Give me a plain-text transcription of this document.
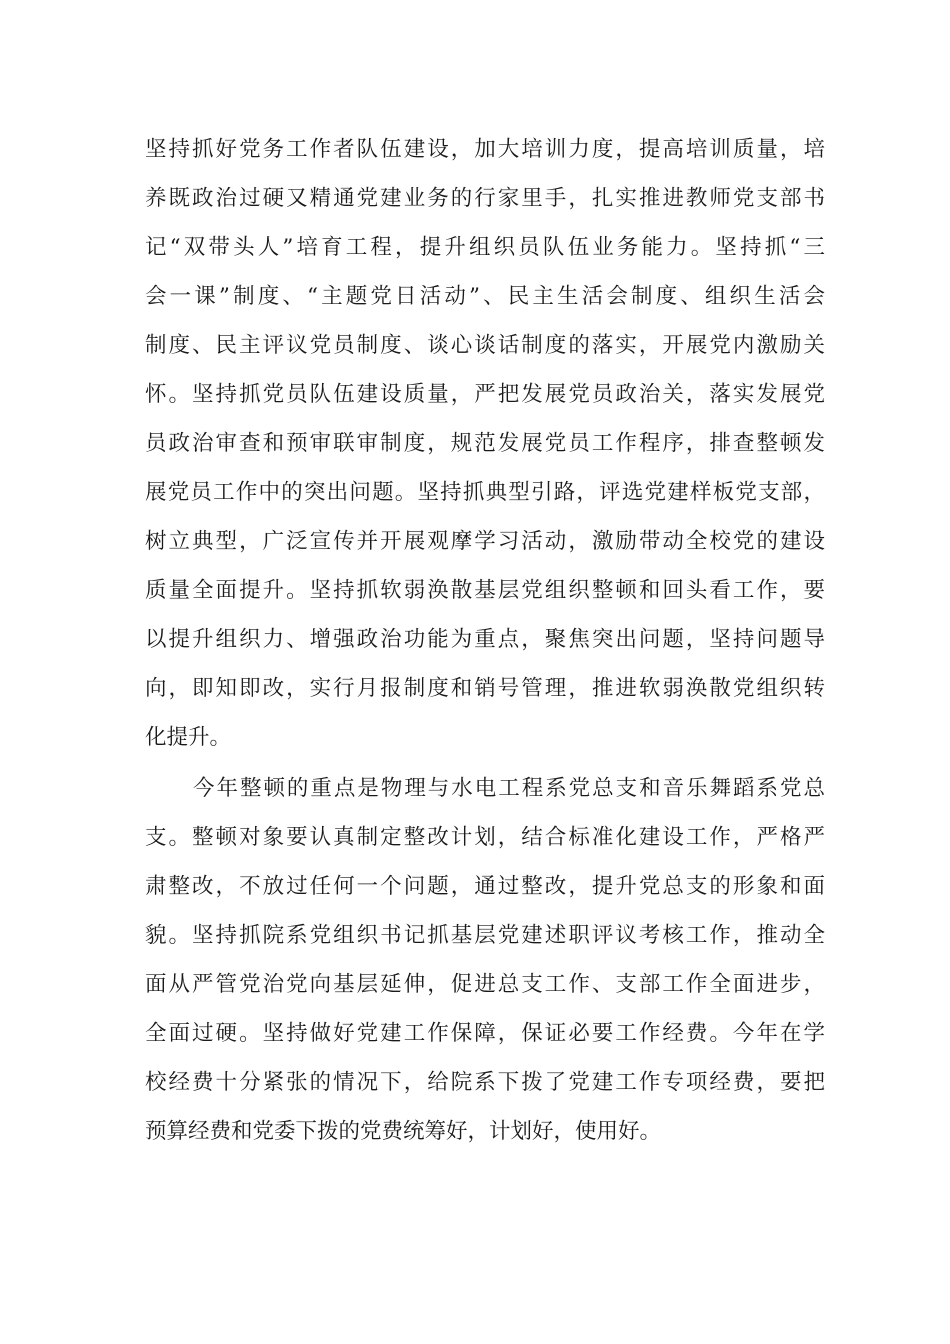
坚持抓好党务工作者队伍建设，加大培训力度，提高培训质量，培
养既政治过硬又精通党建业务的行家里手，扎实推进教师党支部书
记“双带头人”培育工程，提升组织员队伍业务能力。坚持抓“三
会一课”制度、“主题党日活动”、民主生活会制度、组织生活会
制度、民主评议党员制度、谈心谈话制度的落实，开展党内激励关
怀。坚持抓党员队伍建设质量，严把发展党员政治关，落实发展党
员政治审查和预审联审制度，规范发展党员工作程序，排查整顿发
展党员工作中的突出问题。坚持抓典型引路，评选党建样板党支部，
树立典型，广泛宣传并开展观摩学习活动，激励带动全校党的建设
质量全面提升。坚持抓软弱涣散基层党组织整顿和回头看工作，要
以提升组织力、增强政治功能为重点，聚焦突出问题，坚持问题导
向，即知即改，实行月报制度和销号管理，推进软弱涣散党组织转
化提升。
今年整顿的重点是物理与水电工程系党总支和音乐舞蹈系党总
支。整顿对象要认真制定整改计划，结合标准化建设工作，严格严
肃整改，不放过任何一个问题，通过整改，提升党总支的形象和面
貌。坚持抓院系党组织书记抓基层党建述职评议考核工作，推动全
面从严管党治党向基层延伸，促进总支工作、支部工作全面进步，
全面过硬。坚持做好党建工作保障，保证必要工作经费。今年在学
校经费十分紧张的情况下，给院系下拨了党建工作专项经费，要把
预算经费和党委下拨的党费统筹好，计划好，使用好。
